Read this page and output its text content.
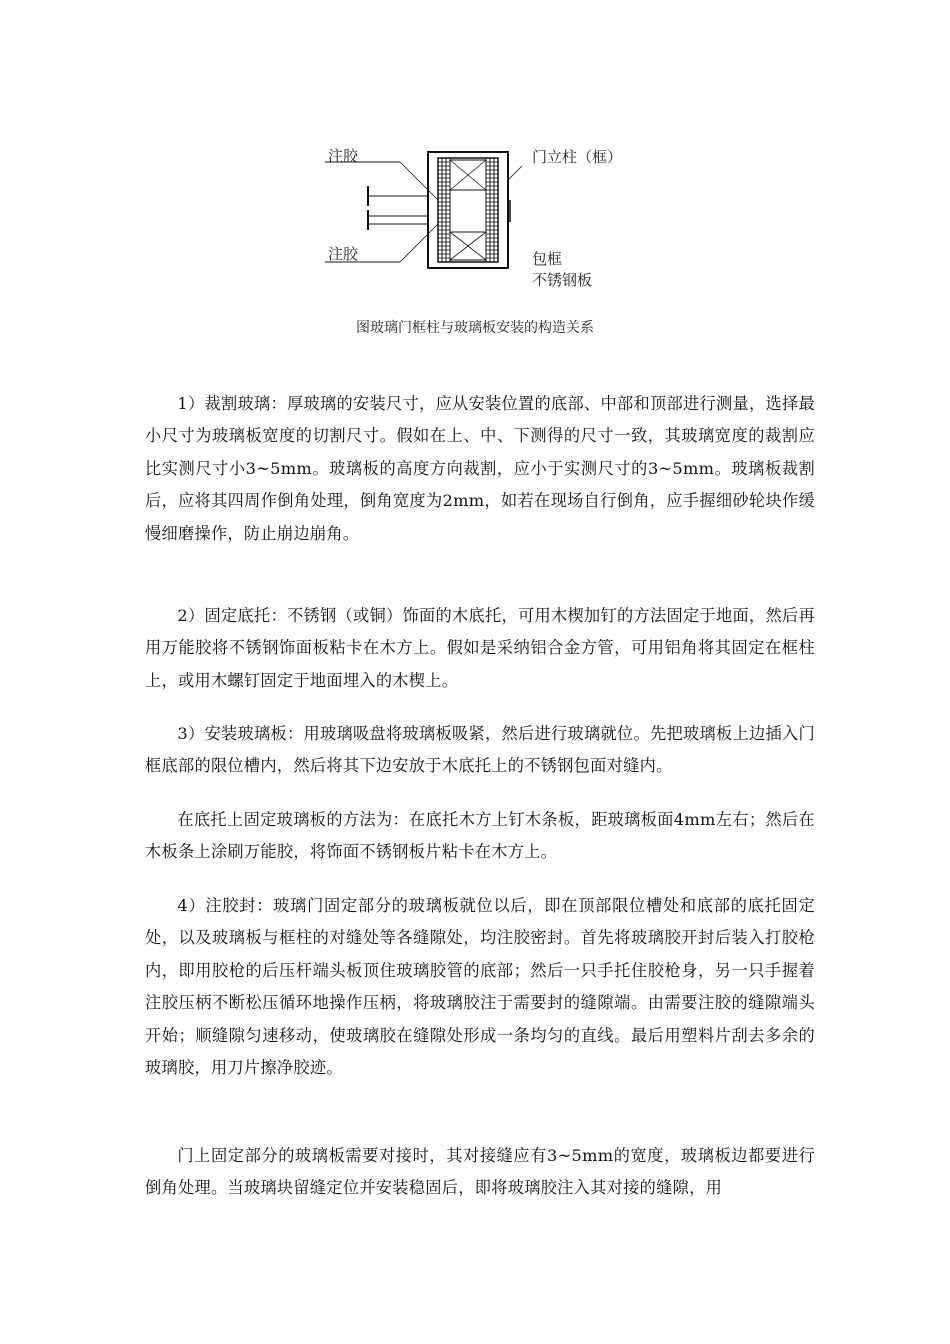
注胶
注胶
门立柱（框）
包框
不锈钢板
图玻璃门框柱与玻璃板安装的构造关系

1）裁割玻璃：厚玻璃的安装尺寸，应从安装位置的底部、中部和顶部进行测量，选择最小尺寸为玻璃板宽度的切割尺寸。假如在上、中、下测得的尺寸一致，其玻璃宽度的裁割应比实测尺寸小3~5mm。玻璃板的高度方向裁割，应小于实测尺寸的3~5mm。玻璃板裁割后，应将其四周作倒角处理，倒角宽度为2mm，如若在现场自行倒角，应手握细砂轮块作缓慢细磨操作，防止崩边崩角。

2）固定底托：不锈钢（或铜）饰面的木底托，可用木楔加钉的方法固定于地面，然后再用万能胶将不锈钢饰面板粘卡在木方上。假如是采纳铝合金方管，可用铝角将其固定在框柱上，或用木螺钉固定于地面埋入的木楔上。

3）安装玻璃板：用玻璃吸盘将玻璃板吸紧，然后进行玻璃就位。先把玻璃板上边插入门框底部的限位槽内，然后将其下边安放于木底托上的不锈钢包面对缝内。

在底托上固定玻璃板的方法为：在底托木方上钉木条板，距玻璃板面4mm左右；然后在木板条上涂刷万能胶，将饰面不锈钢板片粘卡在木方上。

4）注胶封：玻璃门固定部分的玻璃板就位以后，即在顶部限位槽处和底部的底托固定处，以及玻璃板与框柱的对缝处等各缝隙处，均注胶密封。首先将玻璃胶开封后装入打胶枪内，即用胶枪的后压杆端头板顶住玻璃胶管的底部；然后一只手托住胶枪身，另一只手握着注胶压柄不断松压循环地操作压柄，将玻璃胶注于需要封的缝隙端。由需要注胶的缝隙端头开始；顺缝隙匀速移动，使玻璃胶在缝隙处形成一条均匀的直线。最后用塑料片刮去多余的玻璃胶，用刀片擦净胶迹。

门上固定部分的玻璃板需要对接时，其对接缝应有3~5mm的宽度，玻璃板边都要进行倒角处理。当玻璃块留缝定位并安装稳固后，即将玻璃胶注入其对接的缝隙，用
